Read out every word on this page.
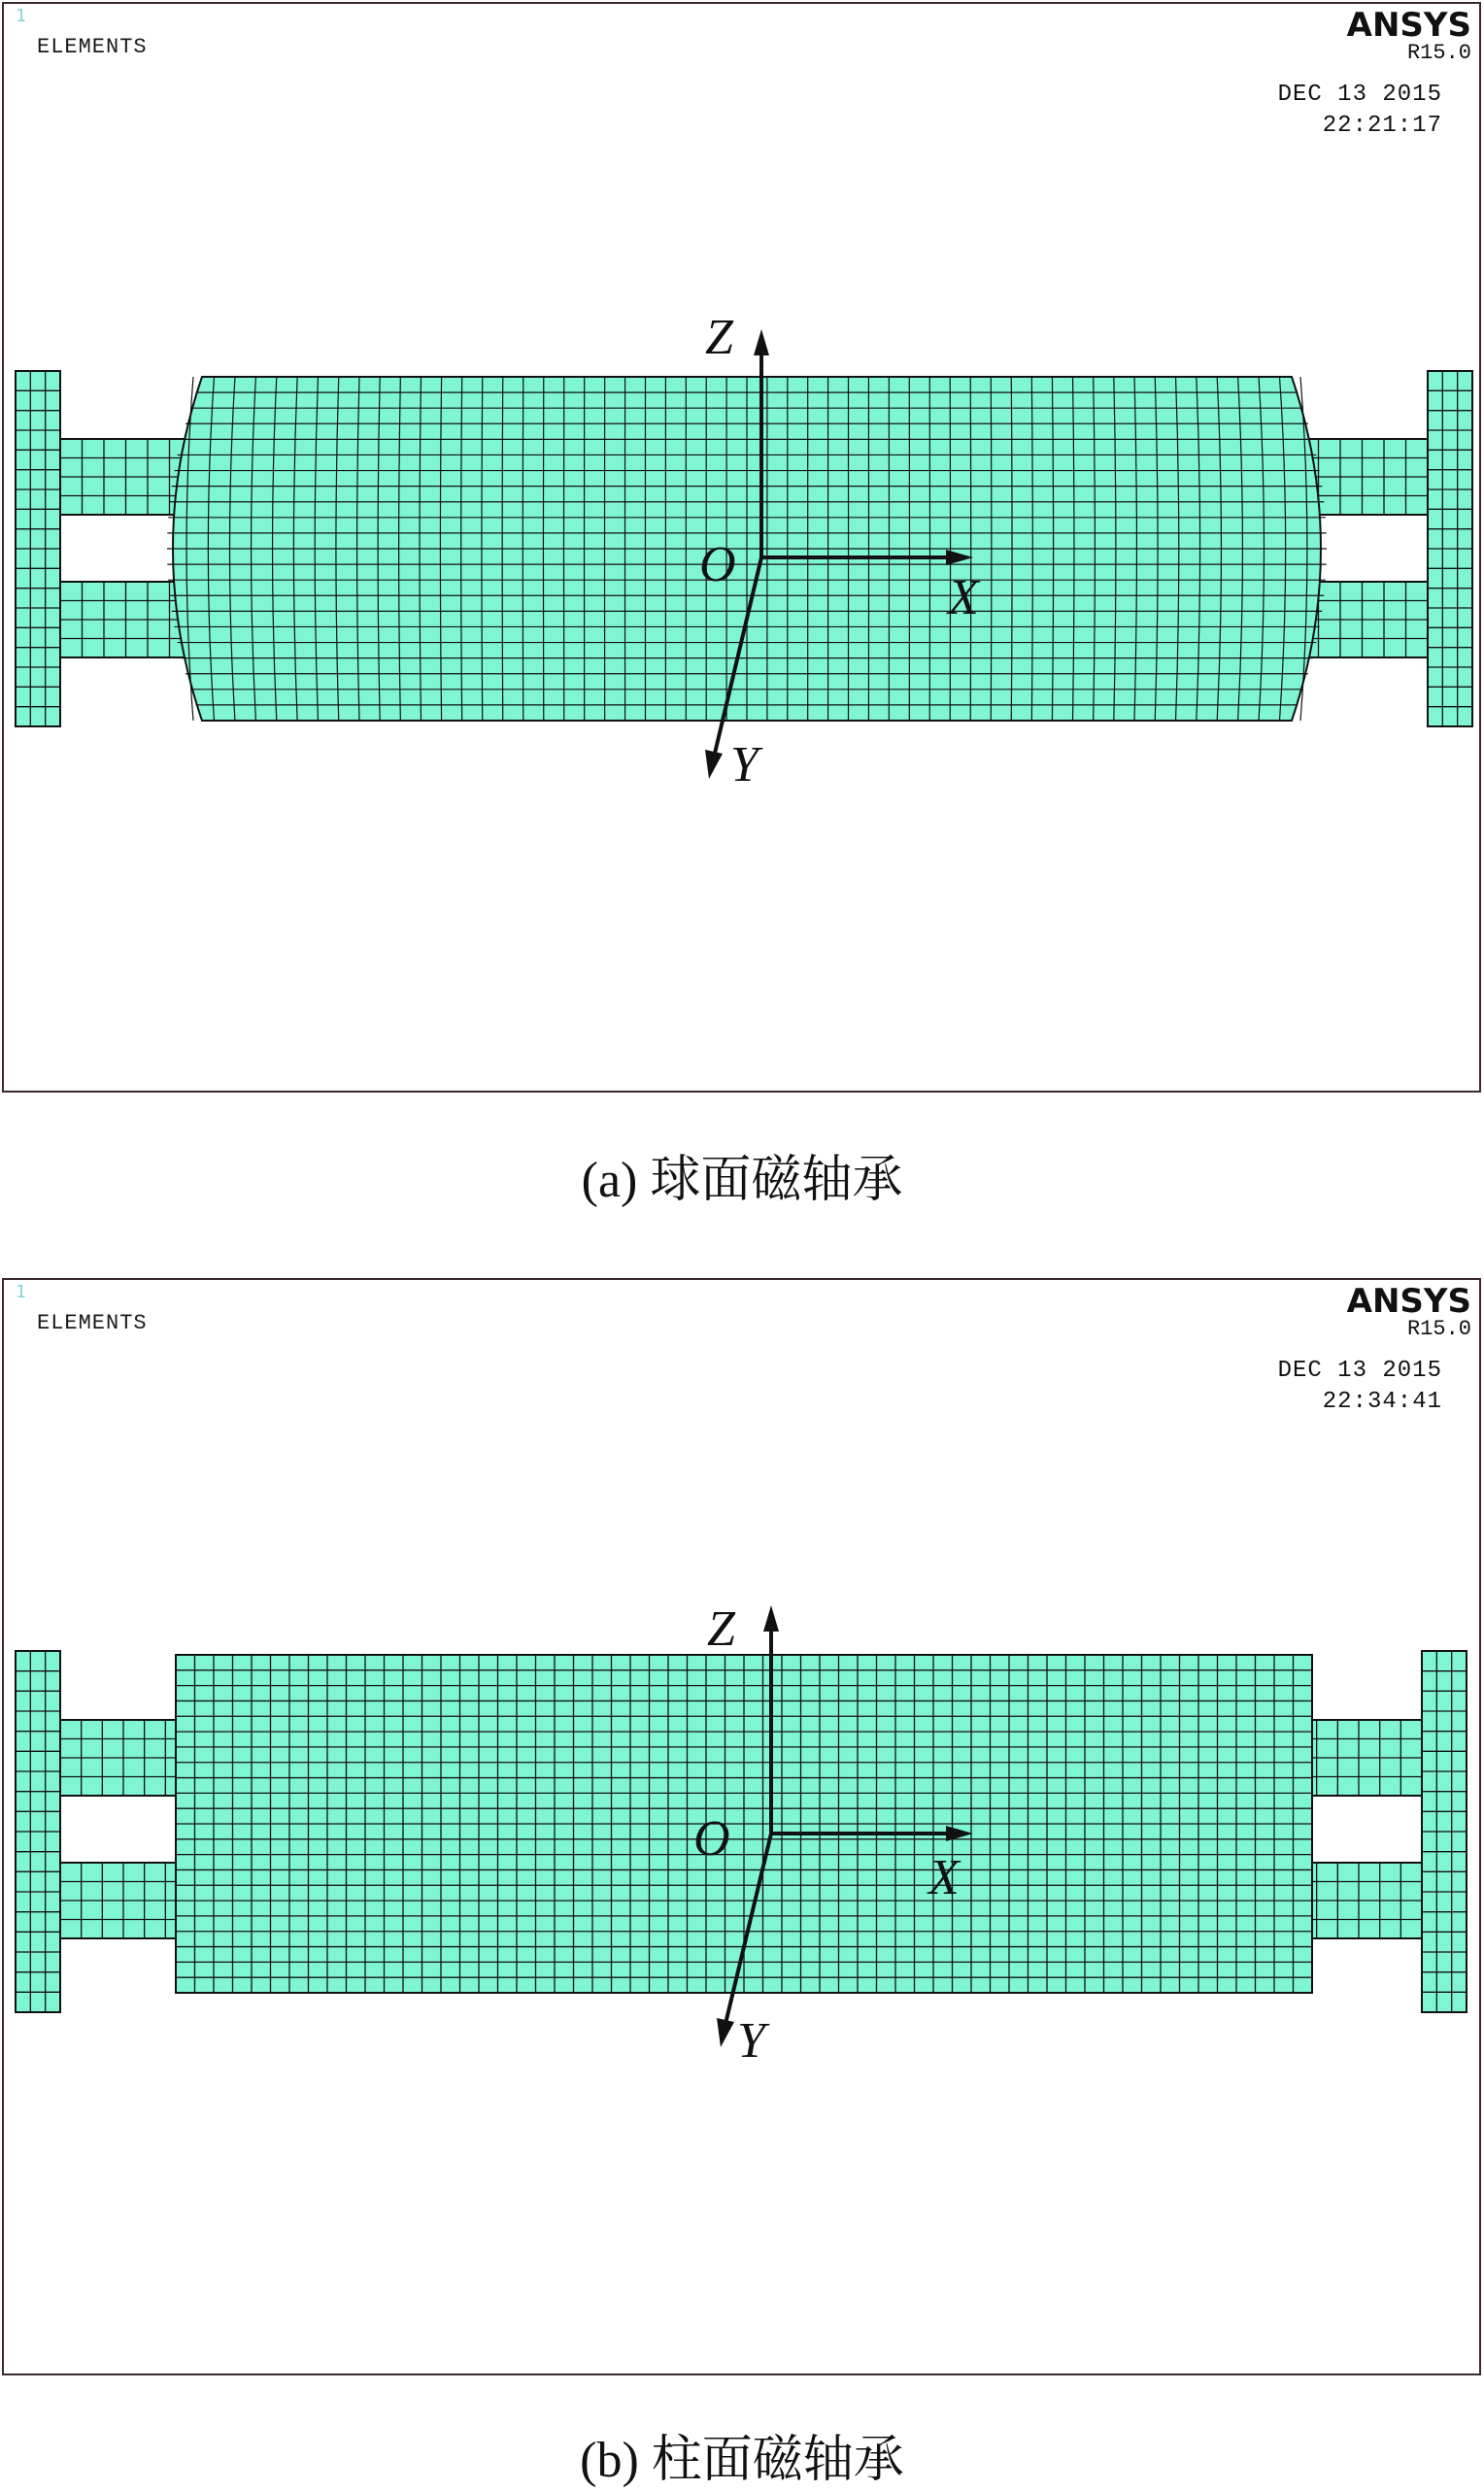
1
ELEMENTS
ANSYS
R15.0
DEC 13 2015
22:21:17
Z
X
Y
O
(a) 球面磁轴承
1
ELEMENTS
ANSYS
R15.0
DEC 13 2015
22:34:41
Z
X
Y
O
(b) 柱面磁轴承
